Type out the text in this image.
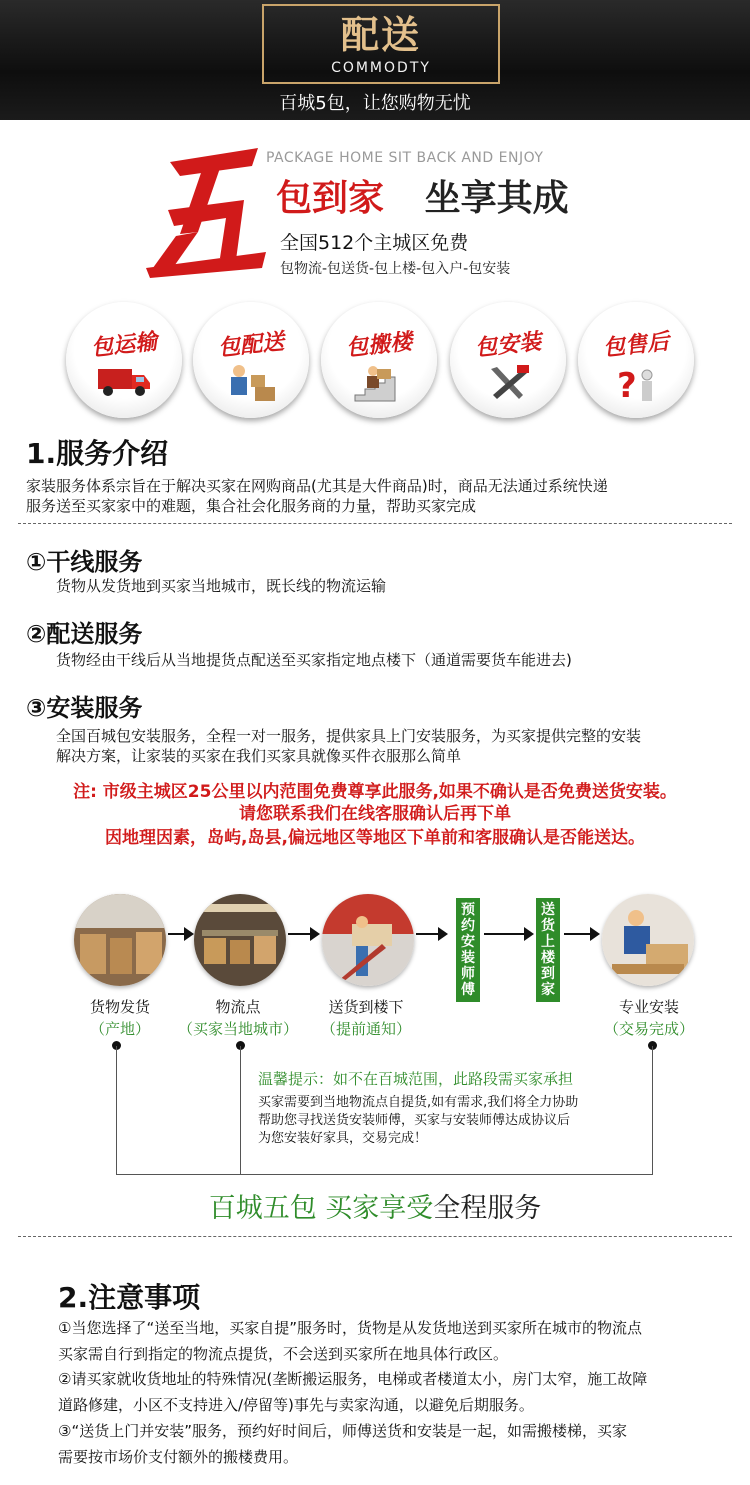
配送
COMMODTY
百城5包，让您购物无忧
PACKAGE HOME SIT BACK AND ENJOY
包到家 坐享其成
全国512个主城区免费
包物流-包送货-包上楼-包入户-包安装
包运输	包配送	包搬楼	包安装	包售后
?
1.服务介绍
家装服务体系宗旨在于解决买家在网购商品(尤其是大件商品)时，商品无法通过系统快递
服务送至买家家中的难题，集合社会化服务商的力量，帮助买家完成
①干线服务
货物从发货地到买家当地城市，既长线的物流运输
②配送服务
货物经由干线后从当地提货点配送至买家指定地点楼下（通道需要货车能进去)
③安装服务
全国百城包安装服务，全程一对一服务，提供家具上门安装服务，为买家提供完整的安装
解决方案，让家装的买家在我们买家具就像买件衣服那么简单
注: 市级主城区25公里以内范围免费尊享此服务,如果不确认是否免费送货安装。
请您联系我们在线客服确认后再下单
因地理因素，岛屿,岛县,偏远地区等地区下单前和客服确认是否能送达。
预约安装师傅
送货上楼到家
货物发货
（产地）
物流点
（买家当地城市）
送货到楼下
（提前通知）
专业安装
（交易完成）
温馨提示：如不在百城范围，此路段需买家承担
买家需要到当地物流点自提货,如有需求,我们将全力协助
帮助您寻找送货安装师傅，买家与安装师傅达成协议后
为您安装好家具，交易完成！
百城五包 买家享受全程服务
2.注意事项
①当您选择了“送至当地，买家自提”服务时，货物是从发货地送到买家所在城市的物流点
买家需自行到指定的物流点提货，不会送到买家所在地具体行政区。
②请买家就收货地址的特殊情况(垄断搬运服务，电梯或者楼道太小，房门太窄，施工故障
道路修建，小区不支持进入/停留等)事先与卖家沟通，以避免后期服务。
③“送货上门并安装”服务，预约好时间后，师傅送货和安装是一起，如需搬楼梯，买家
需要按市场价支付额外的搬楼费用。
